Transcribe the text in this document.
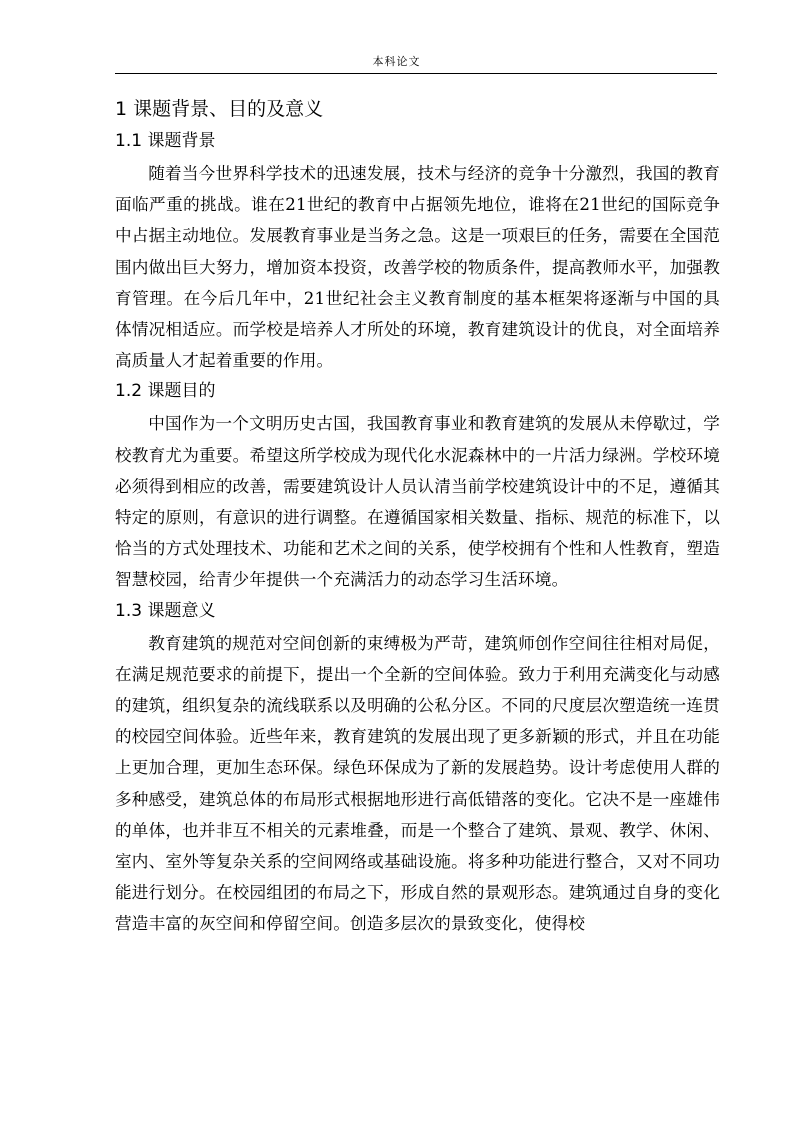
本科论文
1 课题背景、目的及意义
1.1 课题背景

随着当今世界科学技术的迅速发展，技术与经济的竞争十分激烈，我国的教育面临严重的挑战。谁在21世纪的教育中占据领先地位，谁将在21世纪的国际竞争中占据主动地位。发展教育事业是当务之急。这是一项艰巨的任务，需要在全国范围内做出巨大努力，增加资本投资，改善学校的物质条件，提高教师水平，加强教育管理。在今后几年中，21世纪社会主义教育制度的基本框架将逐渐与中国的具体情况相适应。而学校是培养人才所处的环境，教育建筑设计的优良，对全面培养高质量人才起着重要的作用。

1.2 课题目的

中国作为一个文明历史古国，我国教育事业和教育建筑的发展从未停歇过，学校教育尤为重要。希望这所学校成为现代化水泥森林中的一片活力绿洲。学校环境必须得到相应的改善，需要建筑设计人员认清当前学校建筑设计中的不足，遵循其特定的原则，有意识的进行调整。在遵循国家相关数量、指标、规范的标准下，以恰当的方式处理技术、功能和艺术之间的关系，使学校拥有个性和人性教育，塑造智慧校园，给青少年提供一个充满活力的动态学习生活环境。

1.3 课题意义

教育建筑的规范对空间创新的束缚极为严苛，建筑师创作空间往往相对局促，在满足规范要求的前提下，提出一个全新的空间体验。致力于利用充满变化与动感的建筑，组织复杂的流线联系以及明确的公私分区。不同的尺度层次塑造统一连贯的校园空间体验。近些年来，教育建筑的发展出现了更多新颖的形式，并且在功能上更加合理，更加生态环保。绿色环保成为了新的发展趋势。设计考虑使用人群的多种感受，建筑总体的布局形式根据地形进行高低错落的变化。它决不是一座雄伟的单体，也并非互不相关的元素堆叠，而是一个整合了建筑、景观、教学、休闲、室内、室外等复杂关系的空间网络或基础设施。将多种功能进行整合，又对不同功能进行划分。在校园组团的布局之下，形成自然的景观形态。建筑通过自身的变化营造丰富的灰空间和停留空间。创造多层次的景致变化，使得校
